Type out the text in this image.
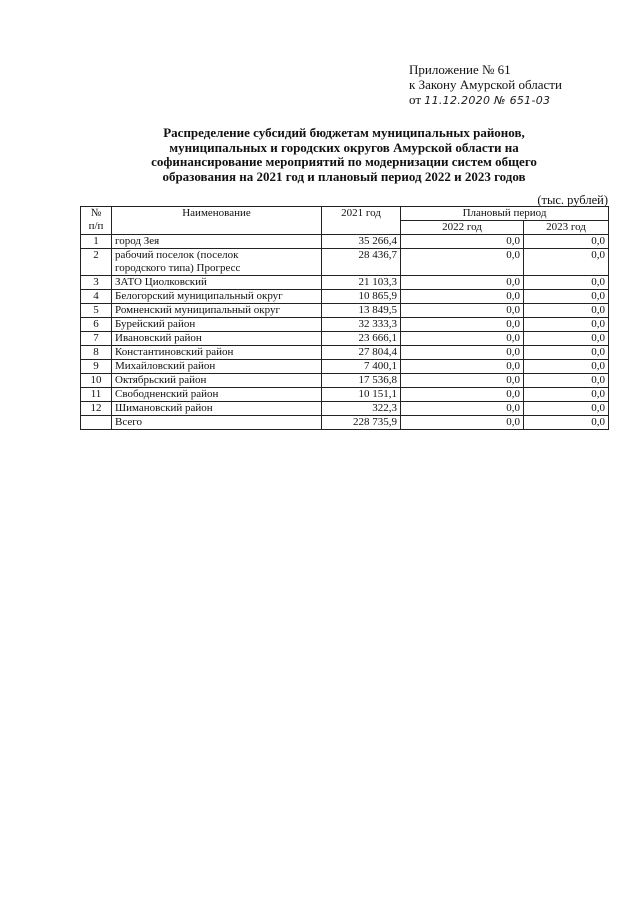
Приложение № 61
к Закону Амурской области
от 11.12.2020 № 651-03
Распределение субсидий бюджетам муниципальных районов,
муниципальных и городских округов Амурской области на
софинансирование мероприятий по модернизации систем общего
образования на 2021 год и плановый период 2022 и 2023 годов
(тыс. рублей)
№
п/п	Наименование	2021 год	Плановый период	
			2022 год	2023 год
1	город Зея	35 266,4	0,0	0,0
2	рабочий поселок (поселок
городского типа) Прогресс	28 436,7	0,0	0,0
3	ЗАТО Циолковский	21 103,3	0,0	0,0
4	Белогорский муниципальный округ	10 865,9	0,0	0,0
5	Ромненский муниципальный округ	13 849,5	0,0	0,0
6	Бурейский район	32 333,3	0,0	0,0
7	Ивановский район	23 666,1	0,0	0,0
8	Константиновский район	27 804,4	0,0	0,0
9	Михайловский район	7 400,1	0,0	0,0
10	Октябрьский район	17 536,8	0,0	0,0
11	Свободненский район	10 151,1	0,0	0,0
12	Шимановский район	322,3	0,0	0,0
	Всего	228 735,9	0,0	0,0
